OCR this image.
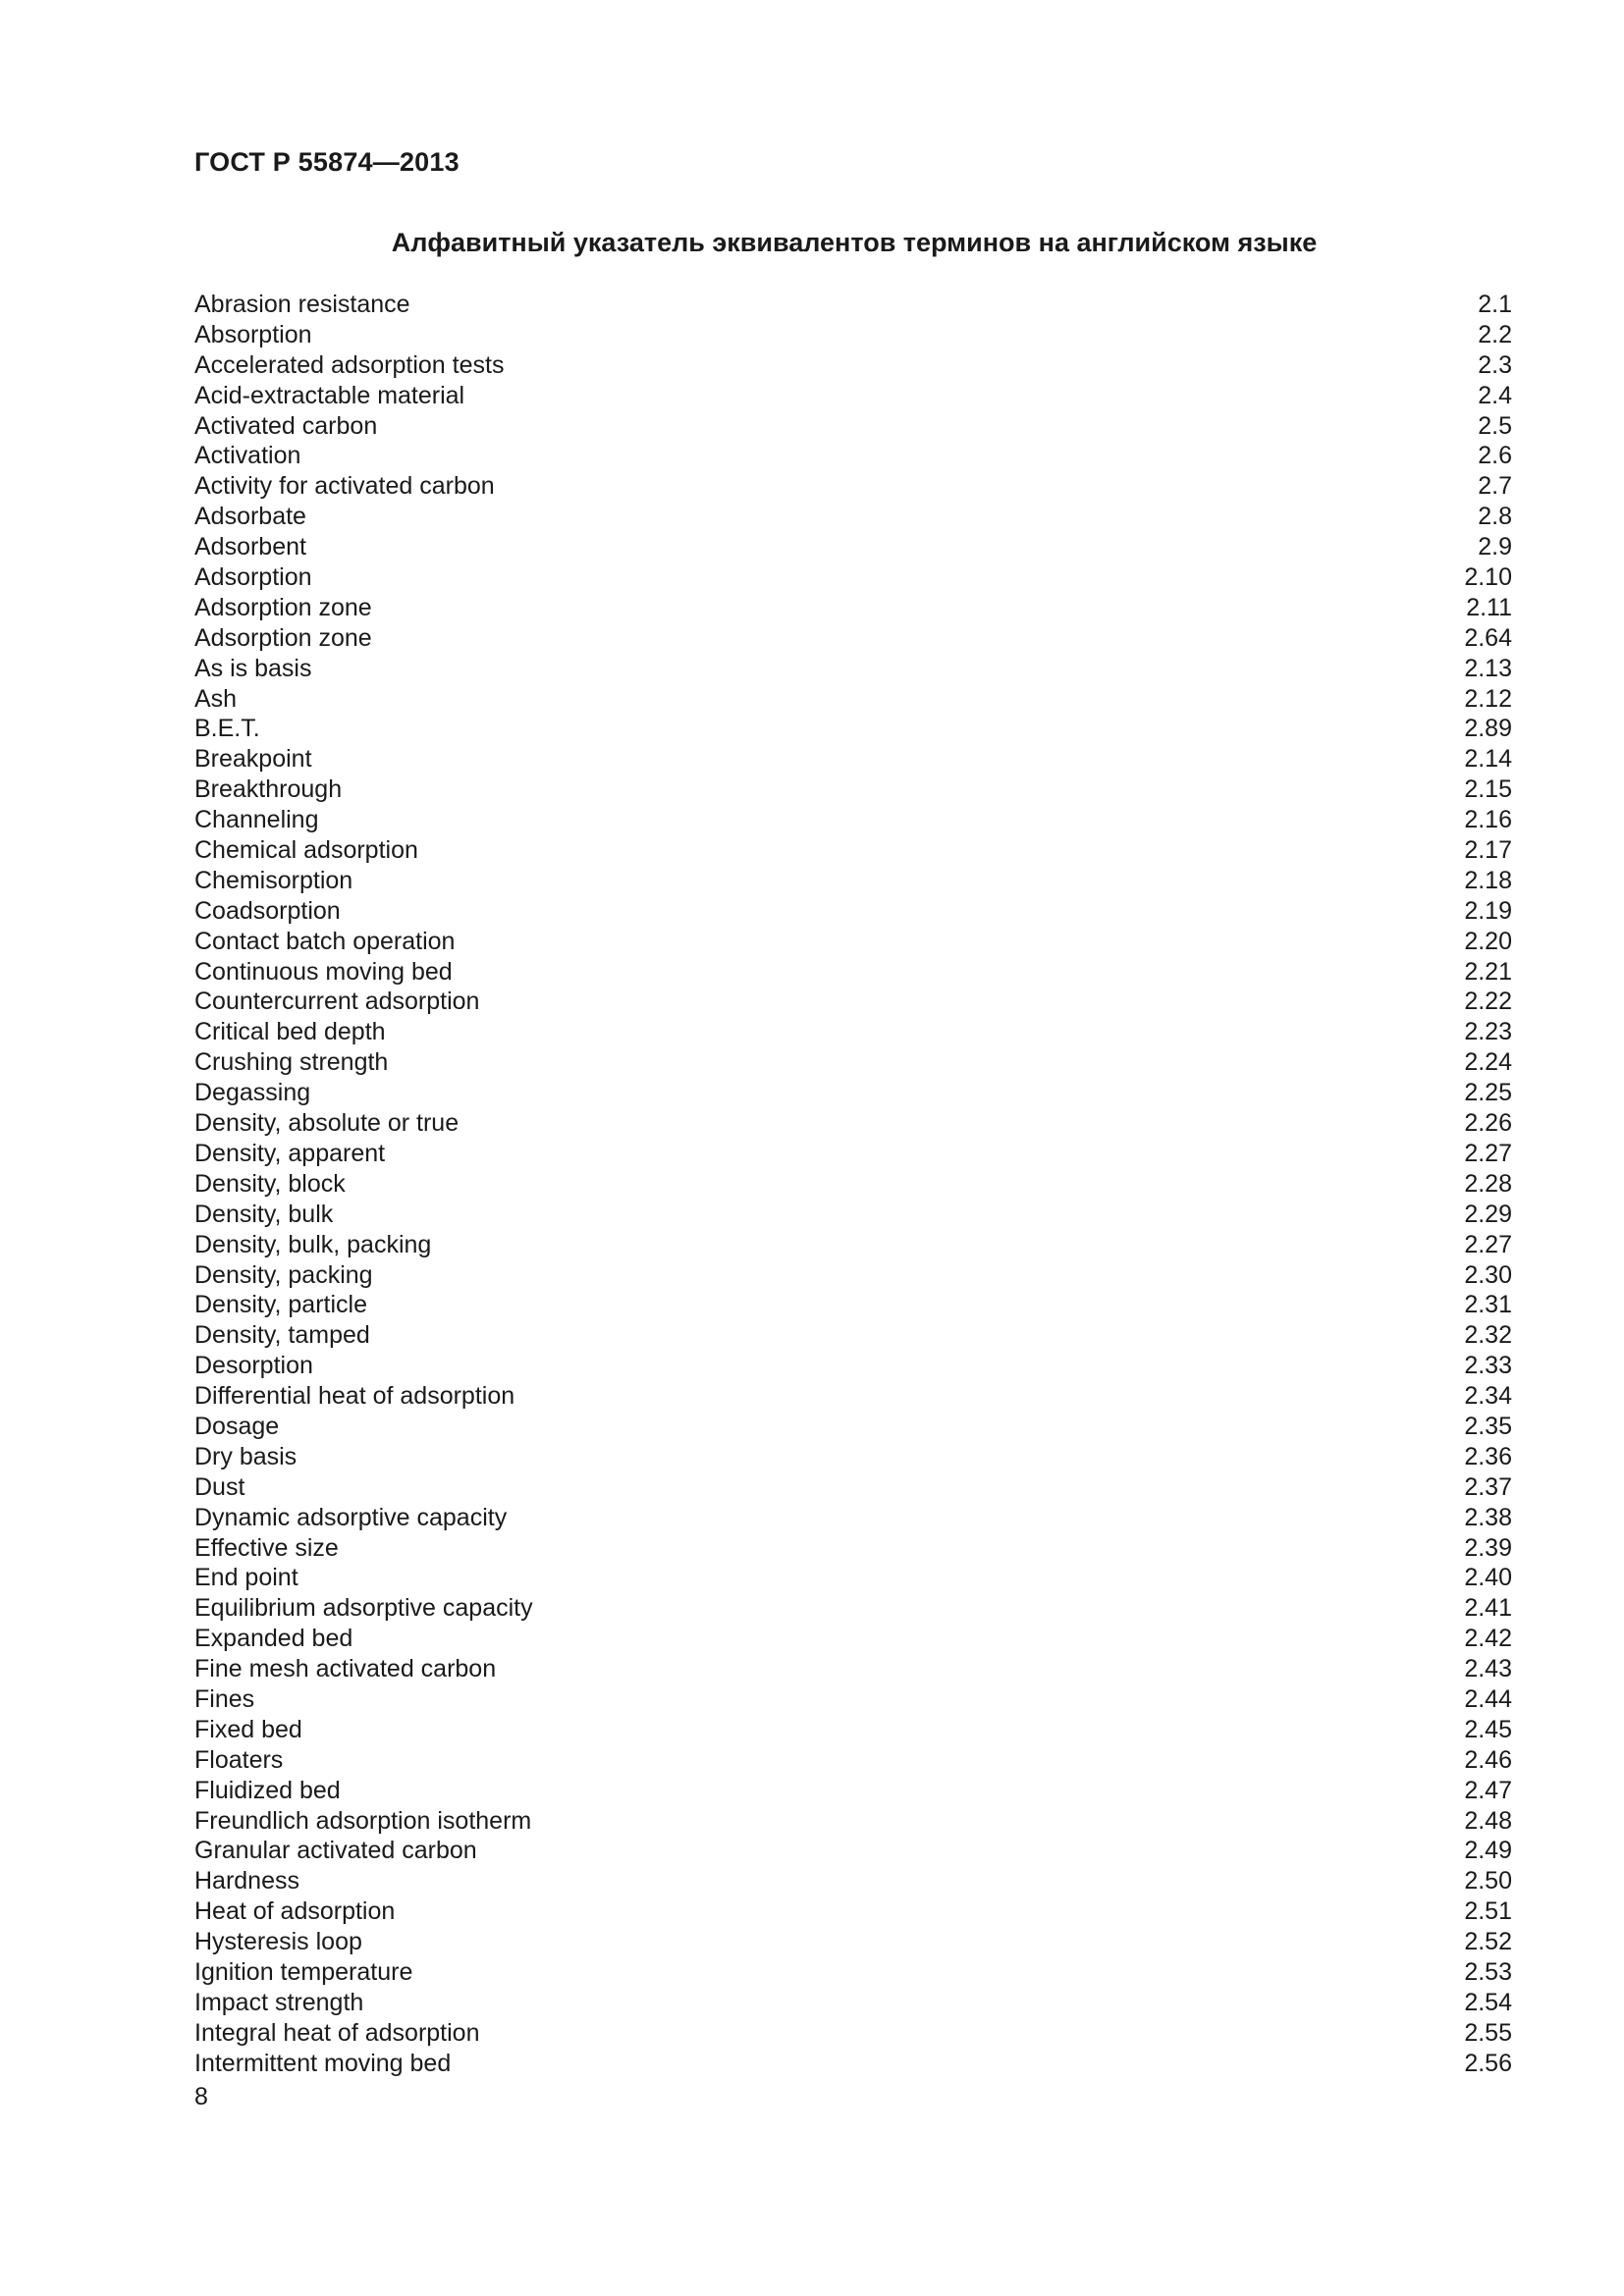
ГОСТ Р 55874—2013
Алфавитный указатель эквивалентов терминов на английском языке
Abrasion resistance	2.1
Absorption	2.2
Accelerated adsorption tests	2.3
Acid-extractable material	2.4
Activated carbon	2.5
Activation	2.6
Activity for activated carbon	2.7
Adsorbate	2.8
Adsorbent	2.9
Adsorption	2.10
Adsorption zone	2.11
Adsorption zone	2.64
As is basis	2.13
Ash	2.12
B.E.T.	2.89
Breakpoint	2.14
Breakthrough	2.15
Channeling	2.16
Chemical adsorption	2.17
Chemisorption	2.18
Coadsorption	2.19
Contact batch operation	2.20
Continuous moving bed	2.21
Countercurrent adsorption	2.22
Critical bed depth	2.23
Crushing strength	2.24
Degassing	2.25
Density, absolute or true	2.26
Density, apparent	2.27
Density, block	2.28
Density, bulk	2.29
Density, bulk, packing	2.27
Density, packing	2.30
Density, particle	2.31
Density, tamped	2.32
Desorption	2.33
Differential heat of adsorption	2.34
Dosage	2.35
Dry basis	2.36
Dust	2.37
Dynamic adsorptive capacity	2.38
Effective size	2.39
End point	2.40
Equilibrium adsorptive capacity	2.41
Expanded bed	2.42
Fine mesh activated carbon	2.43
Fines	2.44
Fixed bed	2.45
Floaters	2.46
Fluidized bed	2.47
Freundlich adsorption isotherm	2.48
Granular activated carbon	2.49
Hardness	2.50
Heat of adsorption	2.51
Hysteresis loop	2.52
Ignition temperature	2.53
Impact strength	2.54
Integral heat of adsorption	2.55
Intermittent moving bed	2.56
8
